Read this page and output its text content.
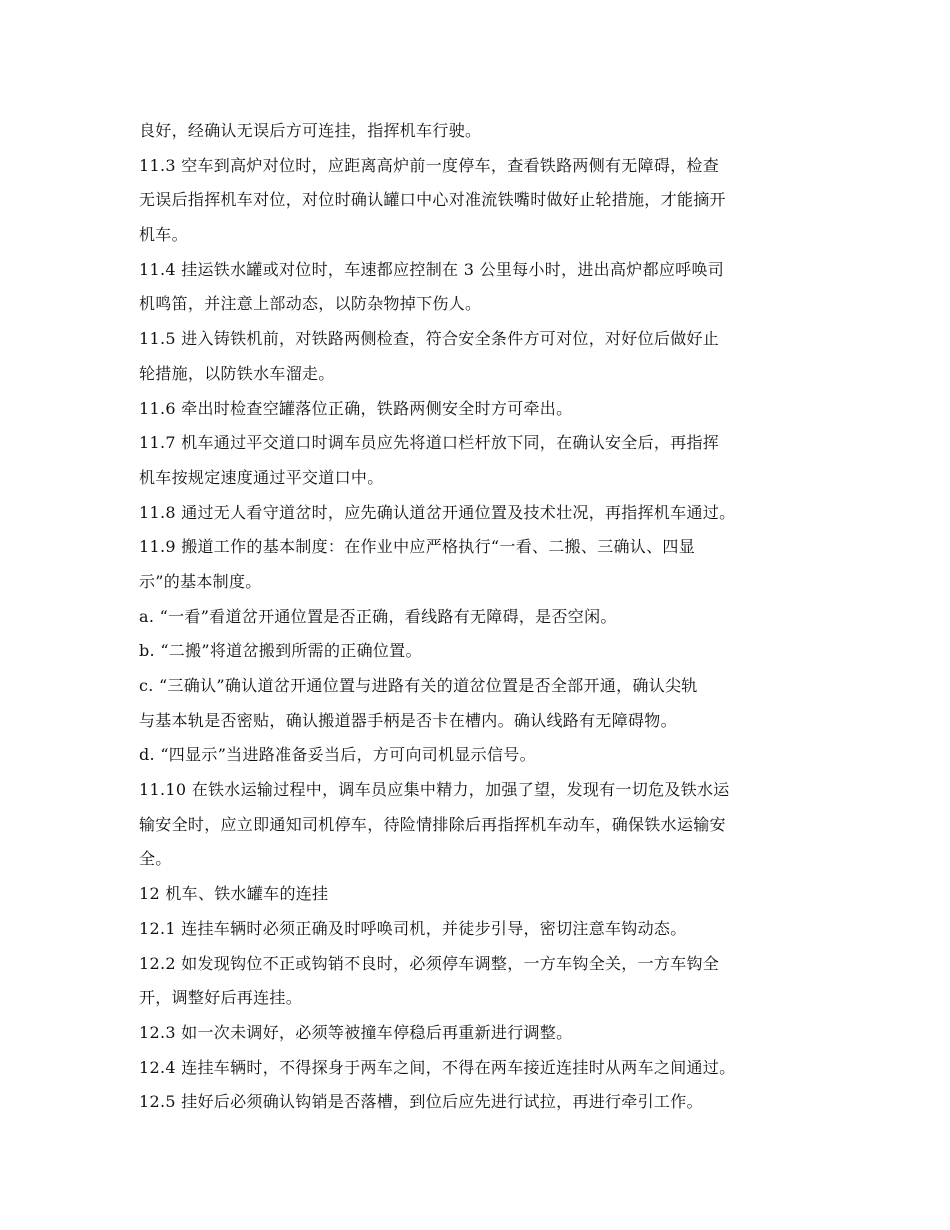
良好，经确认无误后方可连挂，指挥机车行驶。

11.3 空车到高炉对位时，应距离高炉前一度停车，查看铁路两侧有无障碍，检查

无误后指挥机车对位，对位时确认罐口中心对准流铁嘴时做好止轮措施，才能摘开

机车。

11.4 挂运铁水罐或对位时，车速都应控制在 3 公里每小时，进出高炉都应呼唤司

机鸣笛，并注意上部动态，以防杂物掉下伤人。

11.5 进入铸铁机前，对铁路两侧检查，符合安全条件方可对位，对好位后做好止

轮措施，以防铁水车溜走。

11.6 牵出时检查空罐落位正确，铁路两侧安全时方可牵出。

11.7 机车通过平交道口时调车员应先将道口栏杆放下同，在确认安全后，再指挥

机车按规定速度通过平交道口中。

11.8 通过无人看守道岔时，应先确认道岔开通位置及技术壮况，再指挥机车通过。

11.9 搬道工作的基本制度：在作业中应严格执行“一看、二搬、三确认、四显

示”的基本制度。

a. “一看”看道岔开通位置是否正确，看线路有无障碍，是否空闲。

b. “二搬”将道岔搬到所需的正确位置。

c. “三确认”确认道岔开通位置与进路有关的道岔位置是否全部开通，确认尖轨

与基本轨是否密贴，确认搬道器手柄是否卡在槽内。确认线路有无障碍物。

d. “四显示”当进路准备妥当后，方可向司机显示信号。

11.10 在铁水运输过程中，调车员应集中精力，加强了望，发现有一切危及铁水运

输安全时，应立即通知司机停车，待险情排除后再指挥机车动车，确保铁水运输安

全。

12 机车、铁水罐车的连挂

12.1 连挂车辆时必须正确及时呼唤司机，并徒步引导，密切注意车钩动态。

12.2 如发现钩位不正或钩销不良时，必须停车调整，一方车钩全关，一方车钩全

开，调整好后再连挂。

12.3 如一次未调好，必须等被撞车停稳后再重新进行调整。

12.4 连挂车辆时，不得探身于两车之间，不得在两车接近连挂时从两车之间通过。

12.5 挂好后必须确认钩销是否落槽，到位后应先进行试拉，再进行牵引工作。
